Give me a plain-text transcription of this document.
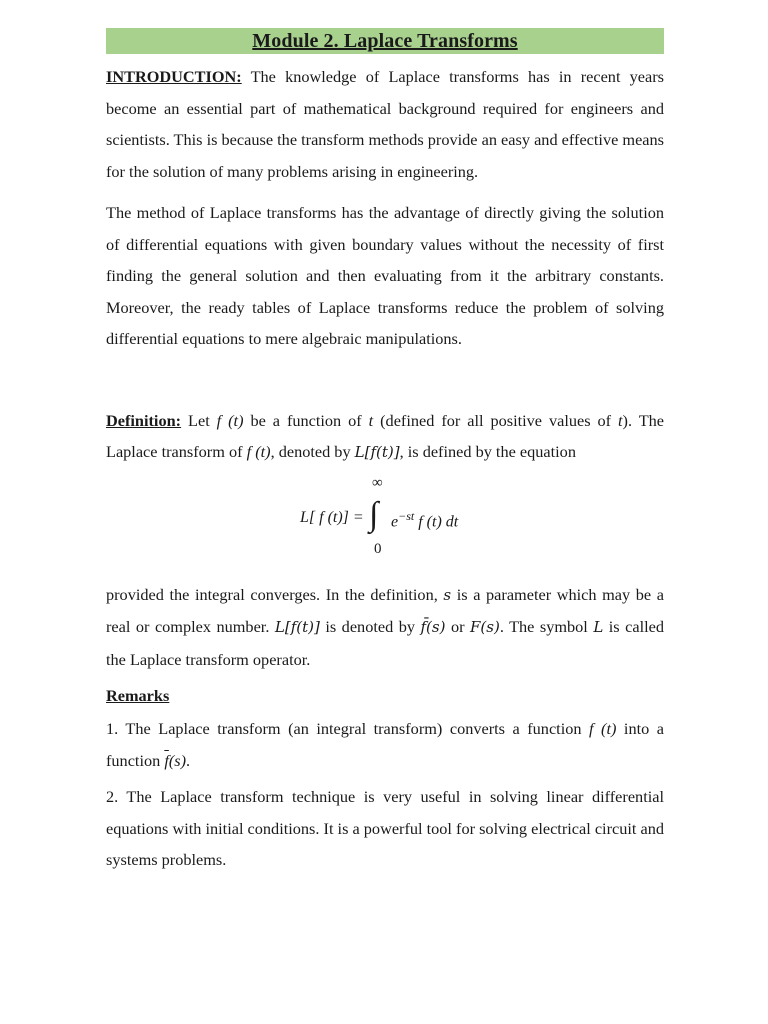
Module 2. Laplace Transforms

INTRODUCTION: The knowledge of Laplace transforms has in recent years become an essential part of mathematical background required for engineers and scientists. This is because the transform methods provide an easy and effective means for the solution of many problems arising in engineering.

The method of Laplace transforms has the advantage of directly giving the solution of differential equations with given boundary values without the necessity of first finding the general solution and then evaluating from it the arbitrary constants. Moreover, the ready tables of Laplace transforms reduce the problem of solving differential equations to mere algebraic manipulations.

Definition: Let f (t) be a function of t (defined for all positive values of t). The Laplace transform of f (t), denoted by L[f(t)], is defined by the equation

L[ f (t)] =
∞
∫
0
$e^{-st}$ f (t) dt

provided the integral converges. In the definition, s is a parameter which may be a real or complex number. L[f(t)] is denoted by f̄(s) or F(s). The symbol L is called the Laplace transform operator.

Remarks

1. The Laplace transform (an integral transform) converts a function f (t) into a function $\overline{f}(s)$.

2. The Laplace transform technique is very useful in solving linear differential equations with initial conditions. It is a powerful tool for solving electrical circuit and systems problems.
